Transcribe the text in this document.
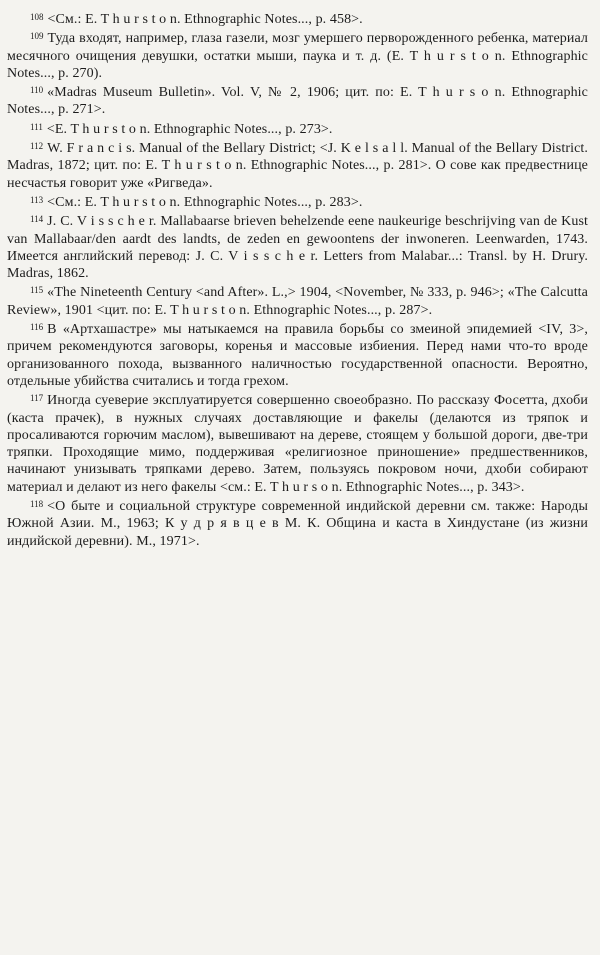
$^{108}$ <См.: E. T h u r s t o n. Ethnographic Notes..., p. 458>.

$^{109}$ Туда входят, например, глаза газели, мозг умершего перворожденного ребенка, материал месячного очищения девушки, остатки мыши, паука и т. д. (E. T h u r s t o n. Ethnographic Notes..., p. 270).

$^{110}$ «Madras Museum Bulletin». Vol. V, № 2, 1906; цит. по: E. T h u r s o n. Ethnographic Notes..., p. 271>.

$^{111}$ <E. T h u r s t o n. Ethnographic Notes..., p. 273>.

$^{112}$ W. F r a n c i s. Manual of the Bellary District; <J. K e l s a l l. Manual of the Bellary District. Madras, 1872; цит. по: E. T h u r s t o n. Ethnographic Notes..., p. 281>. О сове как предвестнице несчастья говорит уже «Ригведа».

$^{113}$ <См.: E. T h u r s t o n. Ethnographic Notes..., p. 283>.

$^{114}$ J. C. V i s s c h e r. Mallabaarse brieven behelzende eene naukeurige beschrijving van de Kust van Mallabaar/den aardt des landts, de zeden en gewoontens der inwoneren. Leenwarden, 1743. Имеется английский перевод: J. C. V i s s c h e r. Letters from Malabar...: Transl. by H. Drury. Madras, 1862.

$^{115}$ «The Nineteenth Century <and After». L.,> 1904, <November, № 333, p. 946>; «The Calcutta Review», 1901 <цит. по: E. T h u r s t o n. Ethnographic Notes..., p. 287>.

$^{116}$ В «Артхашастре» мы натыкаемся на правила борьбы со змеиной эпидемией <IV, 3>, причем рекомендуются заговоры, коренья и массовые избиения. Перед нами что-то вроде организованного похода, вызванного наличностью государственной опасности. Вероятно, отдельные убийства считались и тогда грехом.

$^{117}$ Иногда суеверие эксплуатируется совершенно своеобразно. По рассказу Фосетта, дхоби (каста прачек), в нужных случаях доставляющие и факелы (делаются из тряпок и просаливаются горючим маслом), вывешивают на дереве, стоящем у большой дороги, две-три тряпки. Проходящие мимо, поддерживая «религиозное приношение» предшественников, начинают унизывать тряпками дерево. Затем, пользуясь покровом ночи, дхоби собирают материал и делают из него факелы <см.: E. T h u r s o n. Ethnographic Notes..., p. 343>.

$^{118}$ <О быте и социальной структуре современной индийской деревни см. также: Народы Южной Азии. М., 1963; К у д р я в ц е в М. К. Община и каста в Хиндустане (из жизни индийской деревни). М., 1971>.
